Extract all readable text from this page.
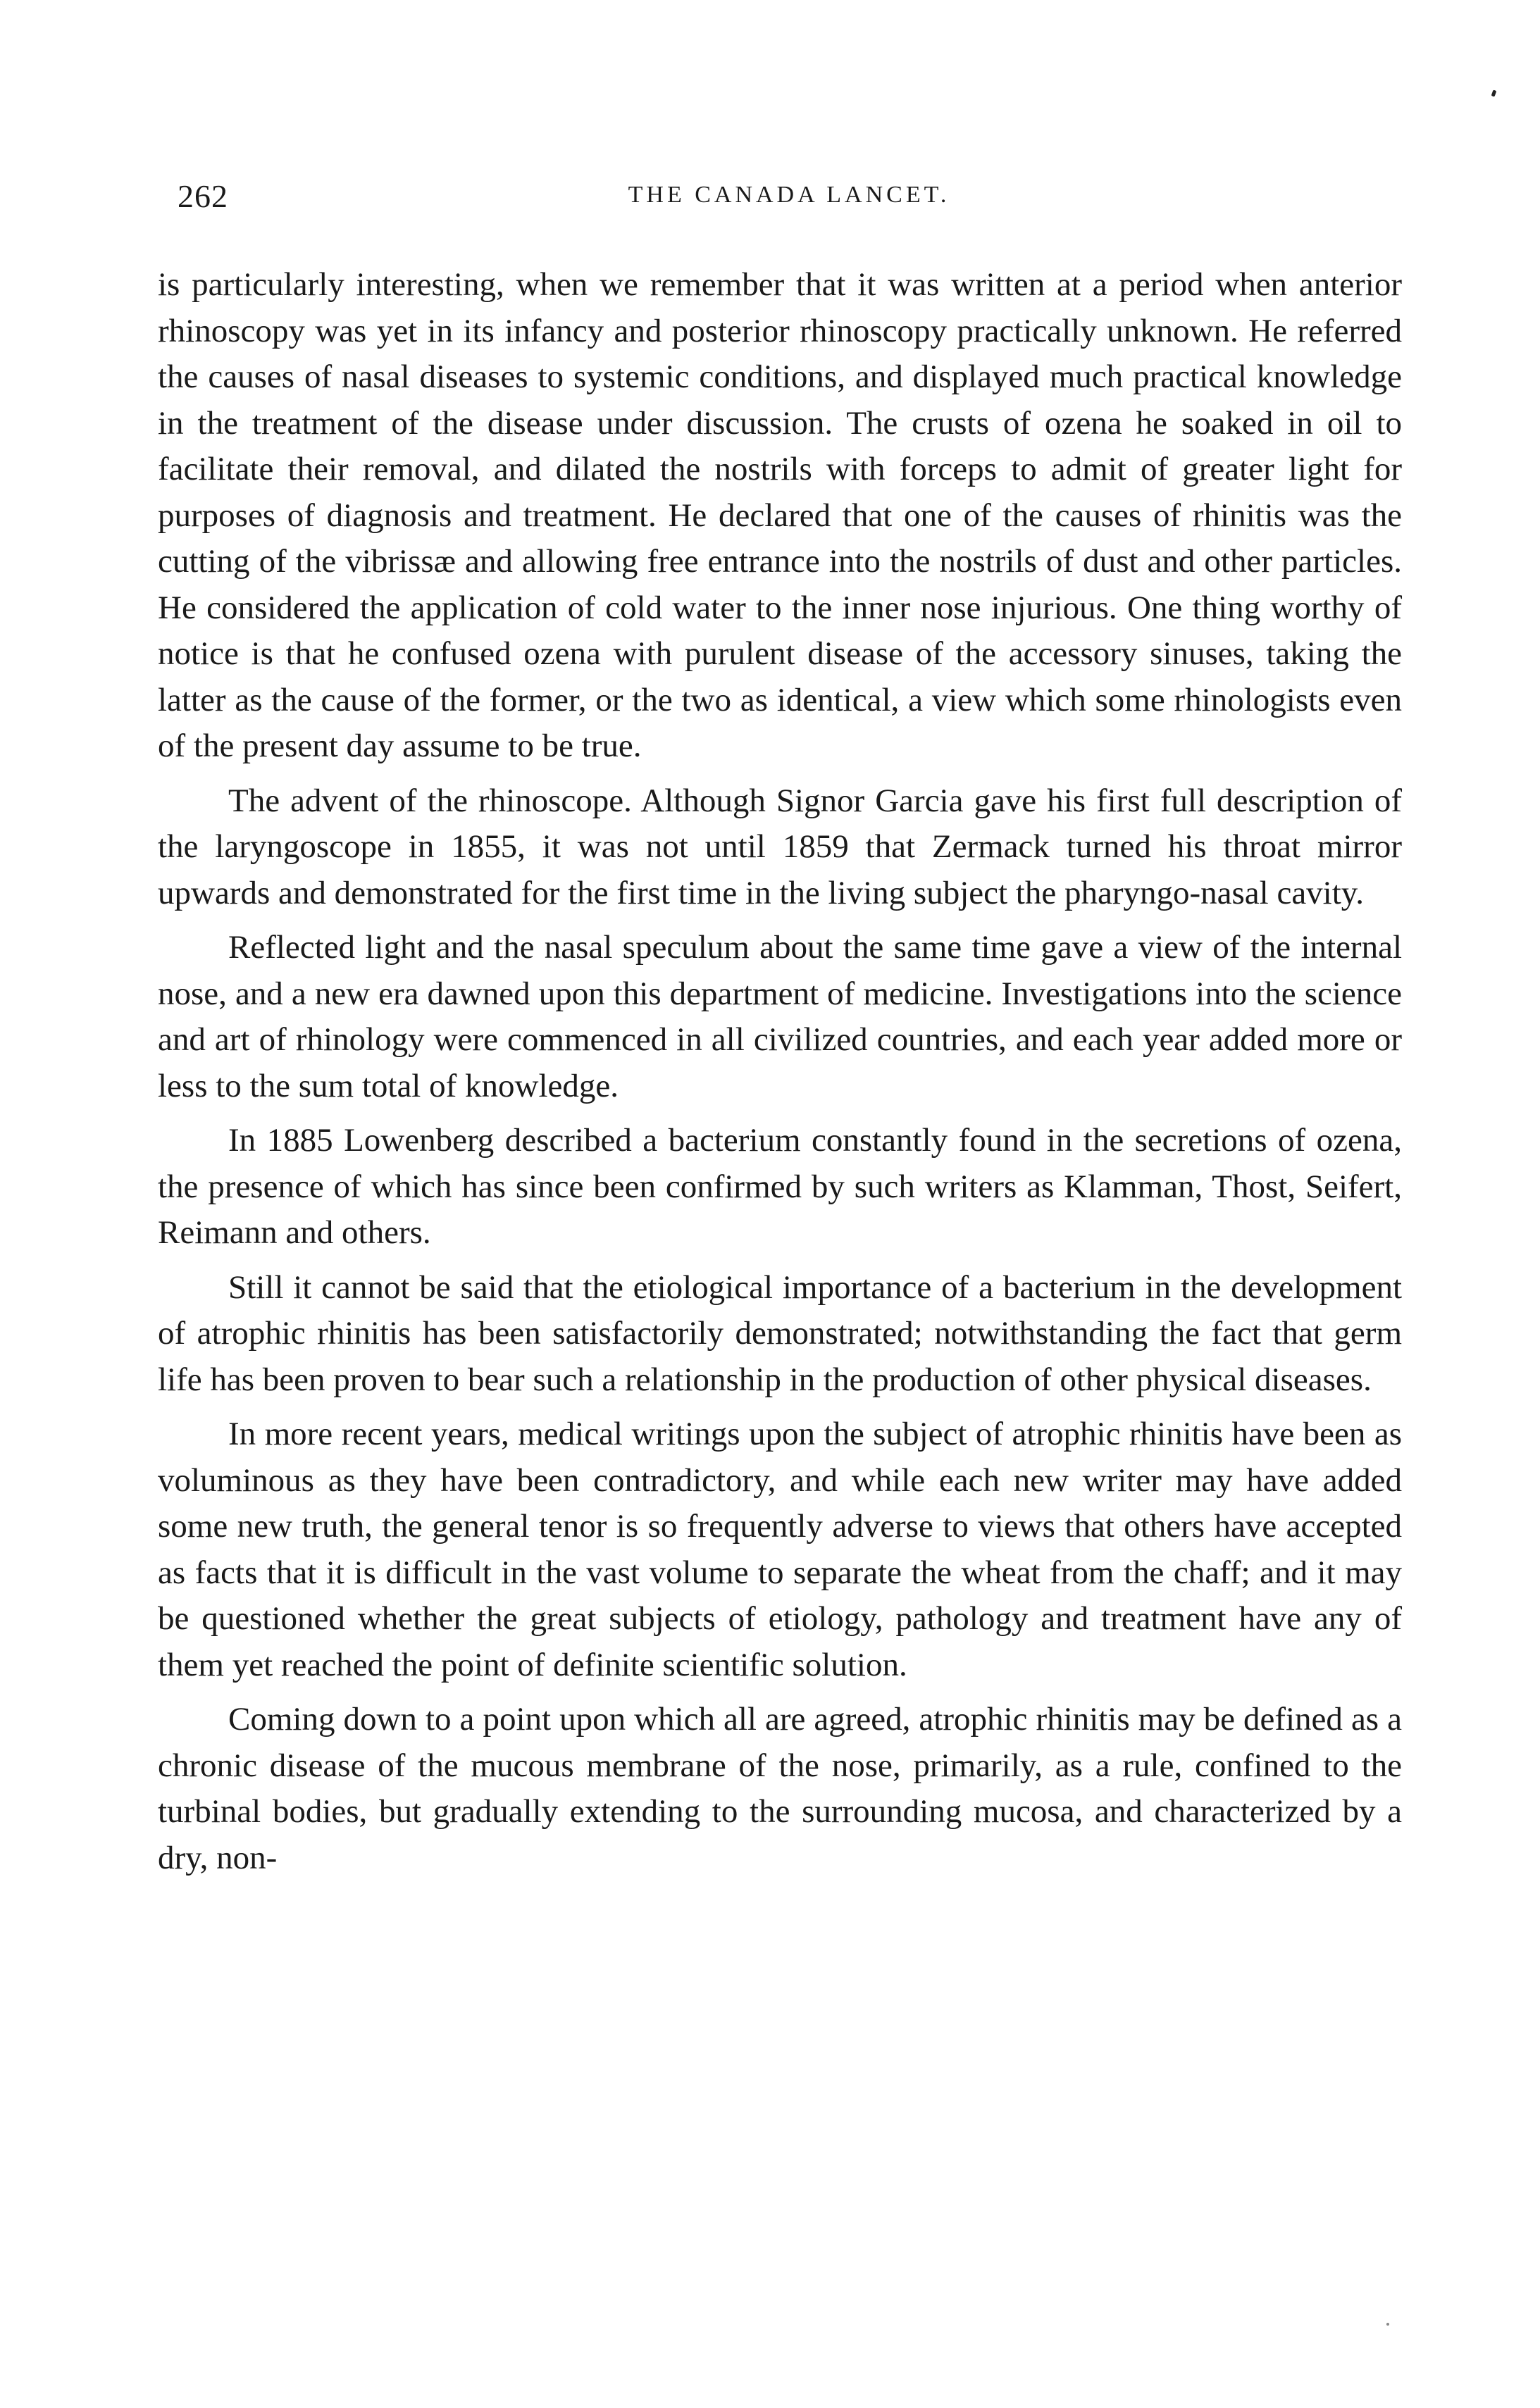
262	THE CANADA LANCET.

is particularly interesting, when we remember that it was written at a period when anterior rhinoscopy was yet in its infancy and posterior rhinoscopy practically unknown. He referred the causes of nasal diseases to systemic conditions, and displayed much practical knowledge in the treatment of the disease under discussion. The crusts of ozena he soaked in oil to facilitate their removal, and dilated the nostrils with forceps to admit of greater light for purposes of diagnosis and treatment. He declared that one of the causes of rhinitis was the cutting of the vibrissæ and allowing free entrance into the nostrils of dust and other particles. He considered the application of cold water to the inner nose injurious. One thing worthy of notice is that he confused ozena with purulent disease of the accessory sinuses, taking the latter as the cause of the former, or the two as identical, a view which some rhinologists even of the present day assume to be true.

The advent of the rhinoscope. Although Signor Garcia gave his first full description of the laryngoscope in 1855, it was not until 1859 that Zermack turned his throat mirror upwards and demonstrated for the first time in the living subject the pharyngo-nasal cavity.

Reflected light and the nasal speculum about the same time gave a view of the internal nose, and a new era dawned upon this department of medicine. Investigations into the science and art of rhinology were commenced in all civilized countries, and each year added more or less to the sum total of knowledge.

In 1885 Lowenberg described a bacterium constantly found in the secretions of ozena, the presence of which has since been confirmed by such writers as Klamman, Thost, Seifert, Reimann and others.

Still it cannot be said that the etiological importance of a bacterium in the development of atrophic rhinitis has been satisfactorily demonstrated; notwithstanding the fact that germ life has been proven to bear such a relationship in the production of other physical diseases.

In more recent years, medical writings upon the subject of atrophic rhinitis have been as voluminous as they have been contradictory, and while each new writer may have added some new truth, the general tenor is so frequently adverse to views that others have accepted as facts that it is difficult in the vast volume to separate the wheat from the chaff; and it may be questioned whether the great subjects of etiology, pathology and treatment have any of them yet reached the point of definite scientific solution.

Coming down to a point upon which all are agreed, atrophic rhinitis may be defined as a chronic disease of the mucous membrane of the nose, primarily, as a rule, confined to the turbinal bodies, but gradually extending to the surrounding mucosa, and characterized by a dry, non-
